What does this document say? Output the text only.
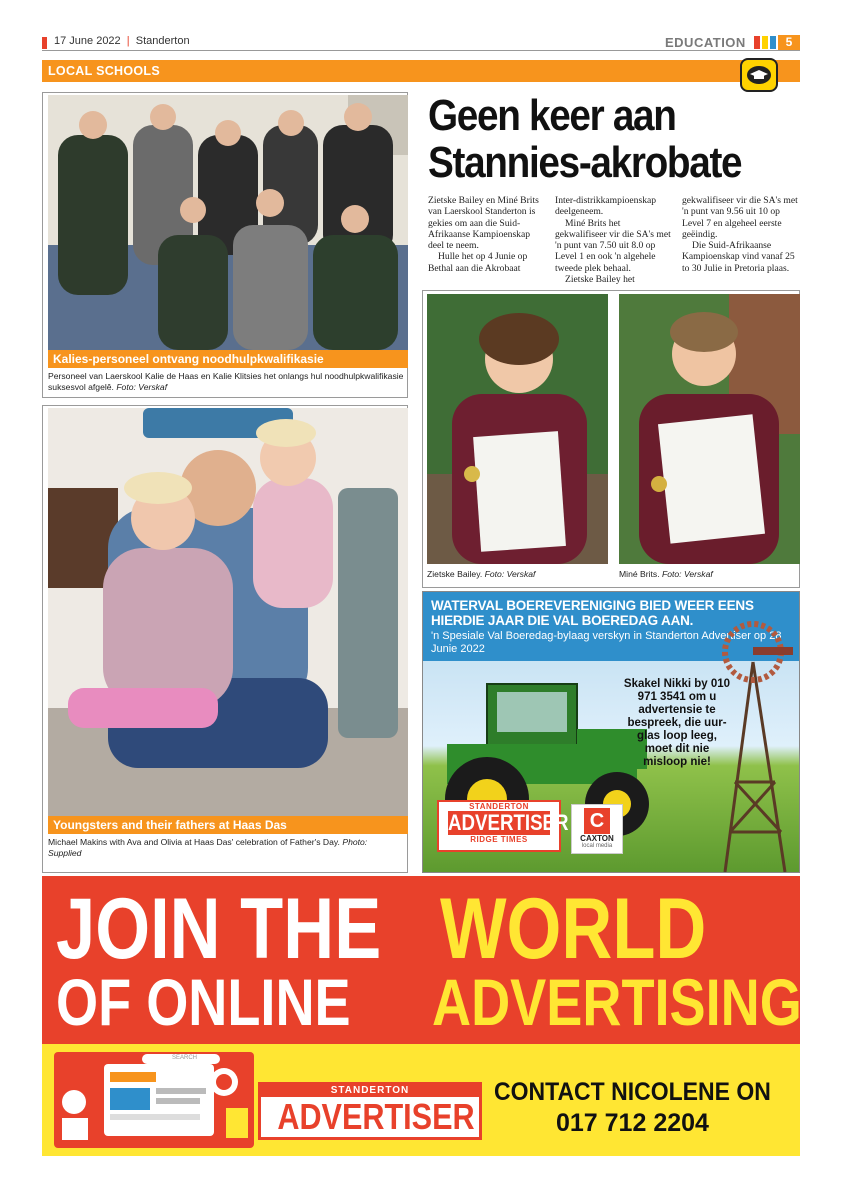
17 June 2022  |  Standerton	EDUCATION	5
LOCAL SCHOOLS
Kalies-personeel ontvang noodhulpkwalifikasie
Personeel van Laerskool Kalie de Haas en Kalie Klitsies het onlangs hul noodhulpkwalifikasie suksesvol afgelê. Foto: Verskaf
Youngsters and their fathers at Haas Das
Michael Makins with Ava and Olivia at Haas Das' celebration of Father's Day. Photo: Supplied
Geen keer aan
Stannies-akrobate

Zietske Bailey en Miné Brits van Laerskool Standerton is gekies om aan die Suid-Afrikaanse Kampioenskap deel te neem.

Hulle het op 4 Junie op Bethal aan die Akrobaat

Inter-distrikkampioenskap deelgeneem.

Miné Brits het gekwalifiseer vir die SA's met 'n punt van 7.50 uit 8.0 op Level 1 en ook 'n algehele tweede plek behaal.

Zietske Bailey het

gekwalifiseer vir die SA's met 'n punt van 9.56 uit 10 op Level 7 en algeheel eerste geëindig.

Die Suid-Afrikaanse Kampioenskap vind vanaf 25 to 30 Julie in Pretoria plaas.

Zietske Bailey. Foto: Verskaf	Miné Brits. Foto: Verskaf
WATERVAL BOEREVERENIGING BIED WEER EENS HIERDIE JAAR DIE VAL BOEREDAG AAN.
'n Spesiale Val Boeredag-bylaag verskyn in Standerton Advertiser op 28 Junie 2022
Skakel Nikki by 010 971 3541 om u advertensie te bespreek, die uur-glas loop leeg, moet dit nie misloop nie!
STANDERTON
ADVERTISER
RIDGE TIMES
C
CAXTON
local media
JOIN THE WORLD
OF ONLINE ADVERTISING
SEARCH
STANDERTON
ADVERTISER
CONTACT NICOLENE ON
017 712 2204
